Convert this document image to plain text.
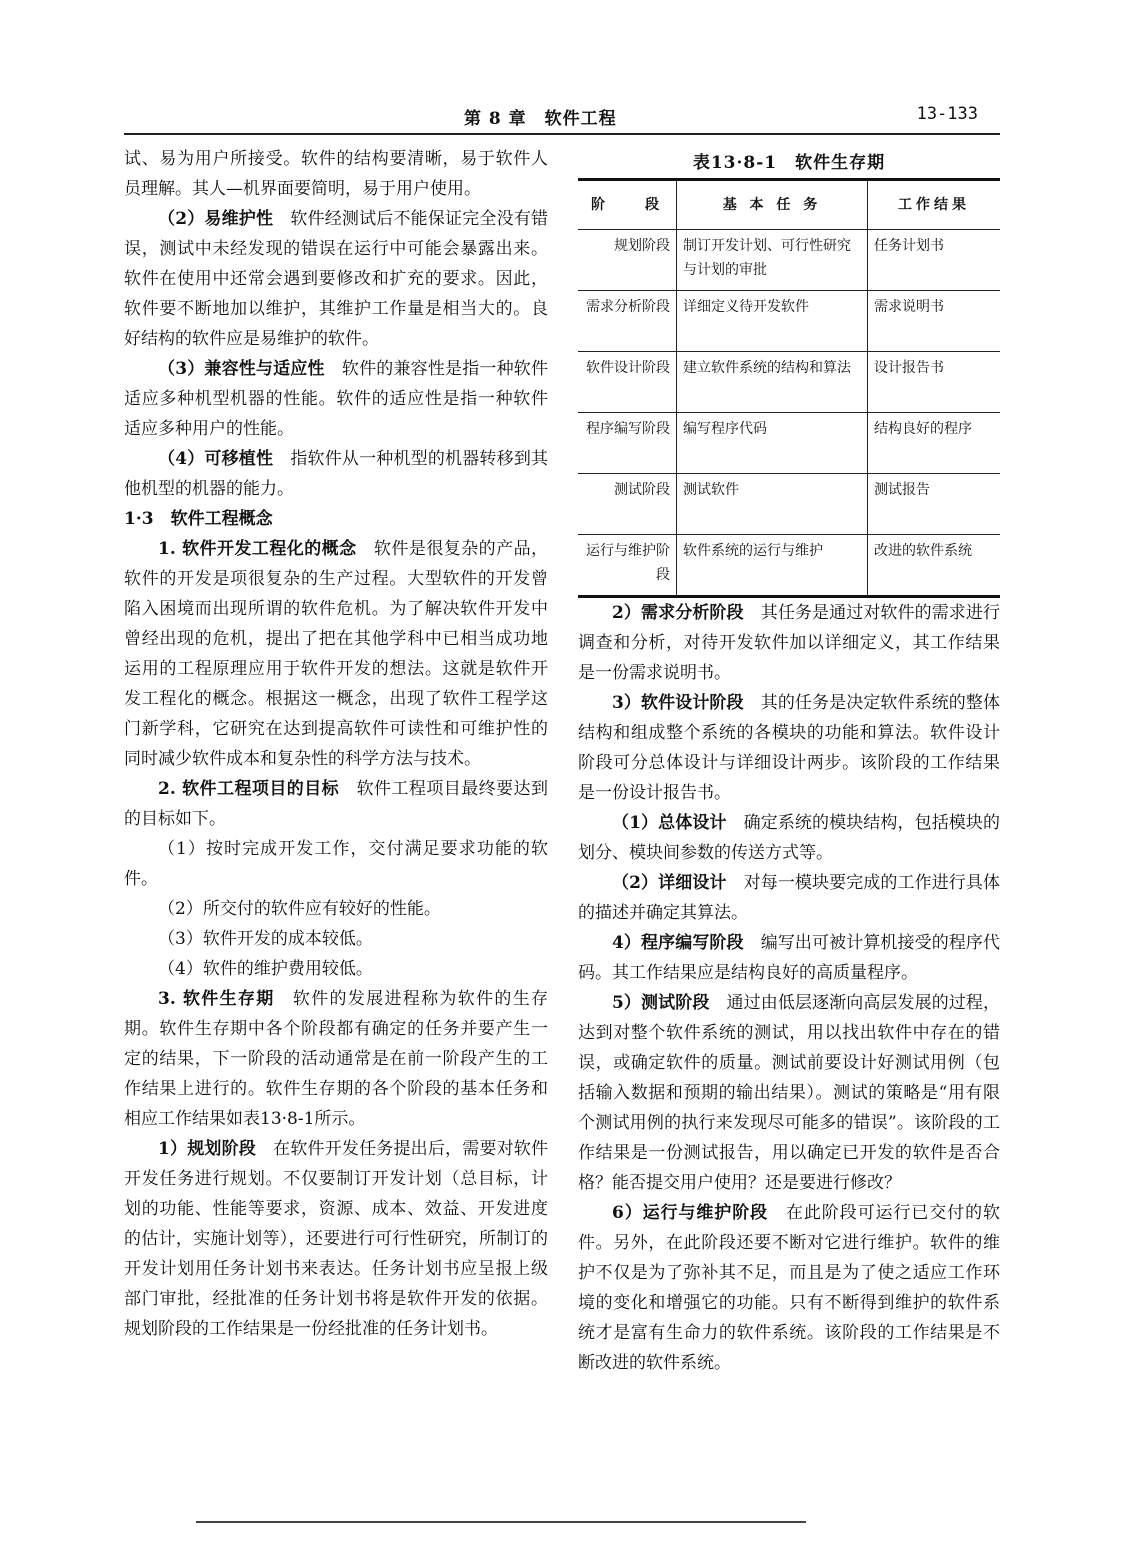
第 8 章　软件工程	13-133

试、易为用户所接受。软件的结构要清晰，易于软件人员理解。其人—机界面要简明，易于用户使用。

（2）易维护性　 软件经测试后不能保证完全没有错误，测试中未经发现的错误在运行中可能会暴露出来。软件在使用中还常会遇到要修改和扩充的要求。因此，软件要不断地加以维护，其维护工作量是相当大的。良好结构的软件应是易维护的软件。

（3）兼容性与适应性　 软件的兼容性是指一种软件适应多种机型机器的性能。软件的适应性是指一种软件适应多种用户的性能。

（4）可移植性　 指软件从一种机型的机器转移到其他机型的机器的能力。

1·3　软件工程概念

1. 软件开发工程化的概念　 软件是很复杂的产品，软件的开发是项很复杂的生产过程。大型软件的开发曾陷入困境而出现所谓的软件危机。为了解决软件开发中曾经出现的危机，提出了把在其他学科中已相当成功地运用的工程原理应用于软件开发的想法。这就是软件开发工程化的概念。根据这一概念，出现了软件工程学这门新学科，它研究在达到提高软件可读性和可维护性的同时减少软件成本和复杂性的科学方法与技术。

2. 软件工程项目的目标　 软件工程项目最终要达到的目标如下。

（1）按时完成开发工作，交付满足要求功能的软件。

（2）所交付的软件应有较好的性能。

（3）软件开发的成本较低。

（4）软件的维护费用较低。

3. 软件生存期　 软件的发展进程称为软件的生存期。软件生存期中各个阶段都有确定的任务并要产生一定的结果，下一阶段的活动通常是在前一阶段产生的工作结果上进行的。软件生存期的各个阶段的基本任务和相应工作结果如表13·8-1所示。

1）规划阶段　 在软件开发任务提出后，需要对软件开发任务进行规划。不仅要制订开发计划（总目标，计划的功能、性能等要求，资源、成本、效益、开发进度的估计，实施计划等），还要进行可行性研究，所制订的开发计划用任务计划书来表达。任务计划书应呈报上级部门审批，经批准的任务计划书将是软件开发的依据。规划阶段的工作结果是一份经批准的任务计划书。

表13·8-1　软件生存期
阶　　段	基 本 任 务	工作结果
规划阶段	制订开发计划、可行性研究与计划的审批	任务计划书
需求分析阶段	详细定义待开发软件	需求说明书
软件设计阶段	建立软件系统的结构和算法	设计报告书
程序编写阶段	编写程序代码	结构良好的程序
测试阶段	测试软件	测试报告
运行与维护阶段	软件系统的运行与维护	改进的软件系统

2）需求分析阶段　 其任务是通过对软件的需求进行调查和分析，对待开发软件加以详细定义，其工作结果是一份需求说明书。

3）软件设计阶段　 其的任务是决定软件系统的整体结构和组成整个系统的各模块的功能和算法。软件设计阶段可分总体设计与详细设计两步。该阶段的工作结果是一份设计报告书。

（1）总体设计　 确定系统的模块结构，包括模块的划分、模块间参数的传送方式等。

（2）详细设计　 对每一模块要完成的工作进行具体的描述并确定其算法。

4）程序编写阶段　 编写出可被计算机接受的程序代码。其工作结果应是结构良好的高质量程序。

5）测试阶段　 通过由低层逐渐向高层发展的过程，达到对整个软件系统的测试，用以找出软件中存在的错误，或确定软件的质量。测试前要设计好测试用例（包括输入数据和预期的输出结果）。测试的策略是“用有限个测试用例的执行来发现尽可能多的错误”。该阶段的工作结果是一份测试报告，用以确定已开发的软件是否合格？能否提交用户使用？还是要进行修改？

6）运行与维护阶段　 在此阶段可运行已交付的软件。另外，在此阶段还要不断对它进行维护。软件的维护不仅是为了弥补其不足，而且是为了使之适应工作环境的变化和增强它的功能。只有不断得到维护的软件系统才是富有生命力的软件系统。该阶段的工作结果是不断改进的软件系统。
